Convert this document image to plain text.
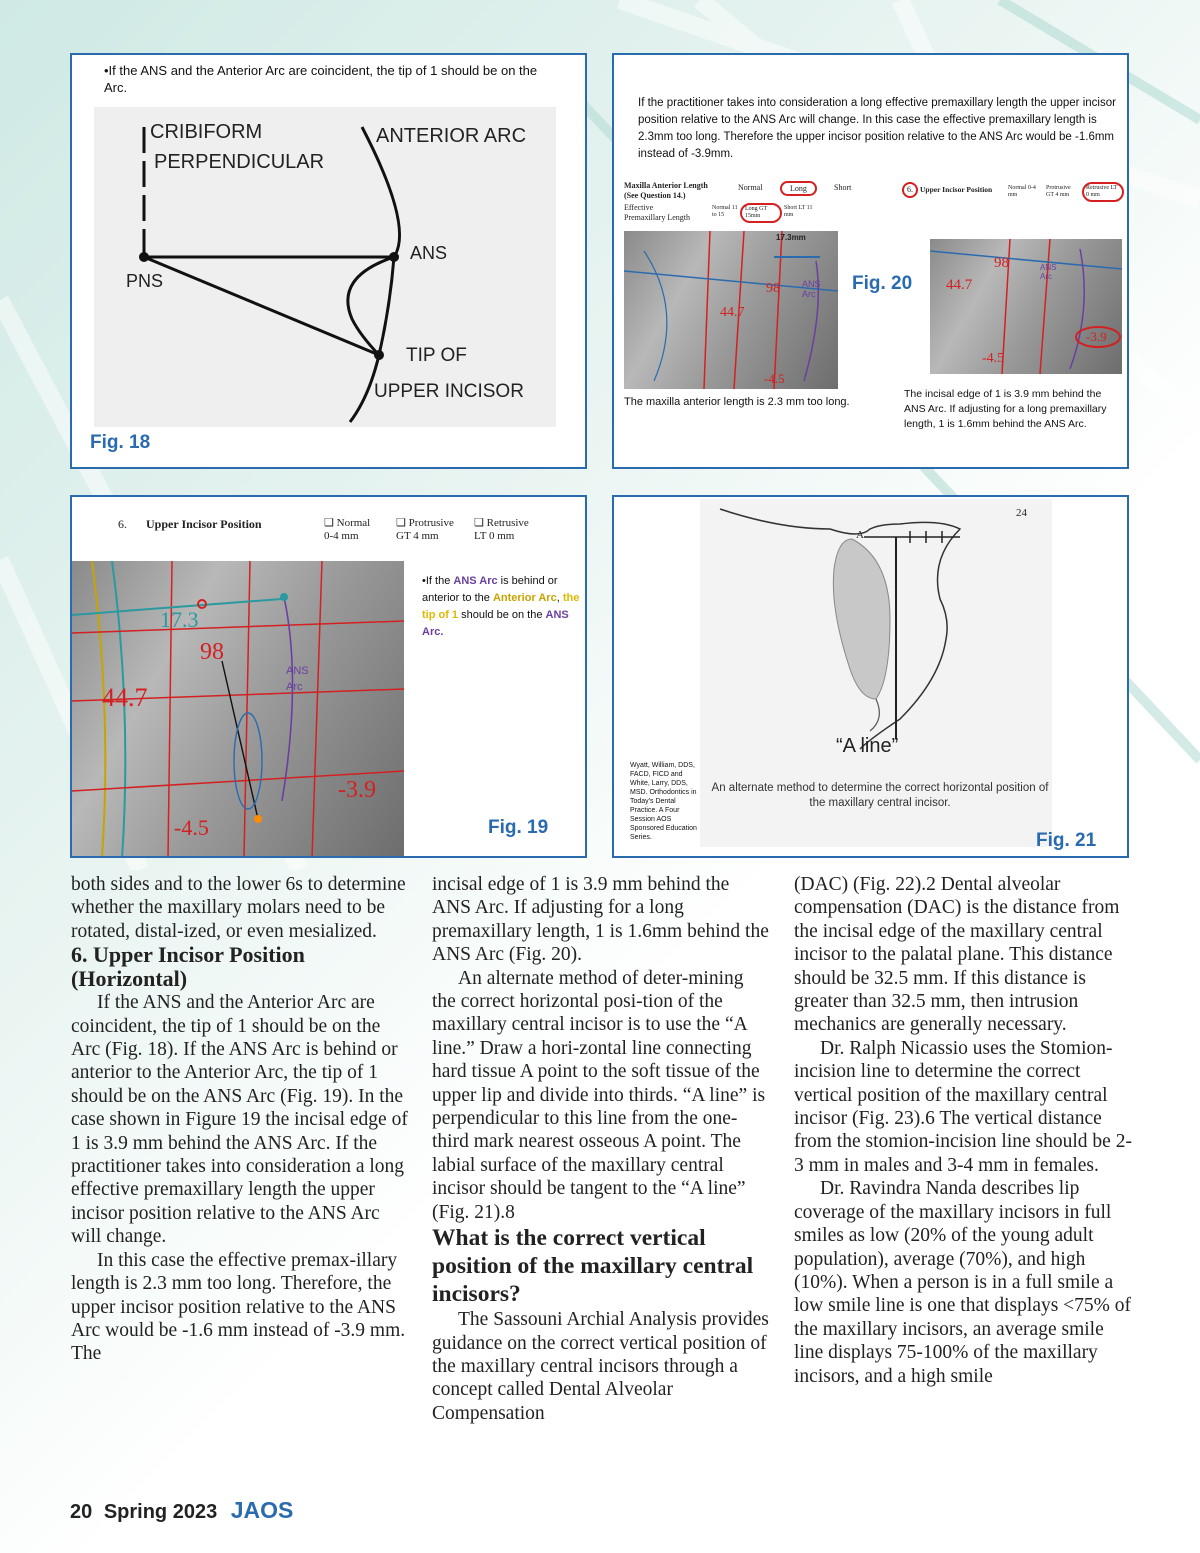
•If the ANS and the Anterior Arc are coincident, the tip of 1 should be on the Arc.
CRIBIFORM
PERPENDICULAR
ANTERIOR ARC
ANS
PNS
TIP OF
UPPER INCISOR
Fig. 18
If the practitioner takes into consideration a long effective premaxillary length the upper incisor position relative to the ANS Arc will change. In this case the effective premaxillary length is 2.3mm too long. Therefore the upper incisor position relative to the ANS Arc would be -1.6mm instead of -3.9mm.
Maxilla Anterior Length
(See Question 14.)
Effective Premaxillary Length
Normal	Long	Short
Normal 11 to 15
Long GT 15mm
Short LT 11 mm
6. Upper Incisor Position	Normal 0-4 mm
Protrusive GT 4 mm
Retrusive LT 0 mm
17.3mm
98
44.7
-4.5
ANS Arc	Fig. 20
98
44.7
-4.5
-3.9
ANS Arc
The maxilla anterior length is 2.3 mm too long.
The incisal edge of 1 is 3.9 mm behind the ANS Arc. If adjusting for a long premaxillary length, 1 is 1.6mm behind the ANS Arc.
6. Upper Incisor Position	❏ Normal
0-4 mm
❏ Protrusive
GT 4 mm
❏ Retrusive
LT 0 mm
17.3
98
44.7
-4.5
-3.9
ANS Arc
•If the ANS Arc is behind or anterior to the Anterior Arc, the tip of 1 should be on the ANS Arc.
Fig. 19
24
A
“A line”
An alternate method to determine the correct horizontal position of the maxillary central incisor.
Wyatt, William, DDS, FACD, FICD and White, Larry, DDS, MSD. Orthodontics in Today's Dental Practice. A Four Session AOS Sponsored Education Series.	Fig. 21

both sides and to the lower 6s to determine whether the maxillary molars need to be rotated, distal-ized, or even mesialized.

6. Upper Incisor Position (Horizontal)

If the ANS and the Anterior Arc are coincident, the tip of 1 should be on the Arc (Fig. 18). If the ANS Arc is behind or anterior to the Anterior Arc, the tip of 1 should be on the ANS Arc (Fig. 19). In the case shown in Figure 19 the incisal edge of 1 is 3.9 mm behind the ANS Arc. If the practitioner takes into consideration a long effective premaxillary length the upper incisor position relative to the ANS Arc will change.

In this case the effective premax-illary length is 2.3 mm too long. Therefore, the upper incisor position relative to the ANS Arc would be -1.6 mm instead of -3.9 mm. The

incisal edge of 1 is 3.9 mm behind the ANS Arc. If adjusting for a long premaxillary length, 1 is 1.6mm behind the ANS Arc (Fig. 20).

An alternate method of deter-mining the correct horizontal posi-tion of the maxillary central incisor is to use the “A line.” Draw a hori-zontal line connecting hard tissue A point to the soft tissue of the upper lip and divide into thirds. “A line” is perpendicular to this line from the one-third mark nearest osseous A point. The labial surface of the maxillary central incisor should be tangent to the “A line” (Fig. 21).8

What is the correct vertical position of the maxillary central incisors?

The Sassouni Archial Analysis provides guidance on the correct vertical position of the maxillary central incisors through a concept called Dental Alveolar Compensation

(DAC) (Fig. 22).2 Dental alveolar compensation (DAC) is the distance from the incisal edge of the maxillary central incisor to the palatal plane. This distance should be 32.5 mm. If this distance is greater than 32.5 mm, then intrusion mechanics are generally necessary.

Dr. Ralph Nicassio uses the Stomion-incision line to determine the correct vertical position of the maxillary central incisor (Fig. 23).6 The vertical distance from the stomion-incision line should be 2-3 mm in males and 3-4 mm in females.

Dr. Ravindra Nanda describes lip coverage of the maxillary incisors in full smiles as low (20% of the young adult population), average (70%), and high (10%). When a person is in a full smile a low smile line is one that displays <75% of the maxillary incisors, an average smile line displays 75-100% of the maxillary incisors, and a high smile

20 Spring 2023 JAOS
